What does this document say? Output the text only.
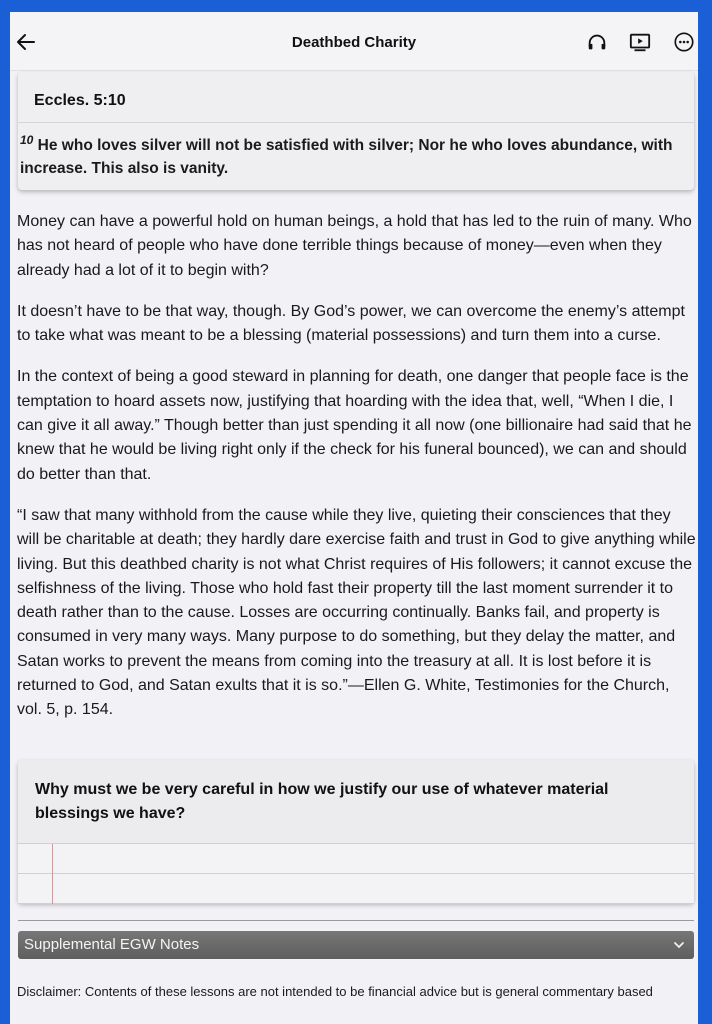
Deathbed Charity
Eccles. 5:10
$^{10}$ He who loves silver will not be satisfied with silver; Nor he who loves abundance, with increase. This also is vanity.

Money can have a powerful hold on human beings, a hold that has led to the ruin of many. Who has not heard of people who have done terrible things because of money—even when they already had a lot of it to begin with?

It doesn’t have to be that way, though. By God’s power, we can overcome the enemy’s attempt to take what was meant to be a blessing (material possessions) and turn them into a curse.

In the context of being a good steward in planning for death, one danger that people face is the temptation to hoard assets now, justifying that hoarding with the idea that, well, “When I die, I can give it all away.” Though better than just spending it all now (one billionaire had said that he knew that he would be living right only if the check for his funeral bounced), we can and should do better than that.

“I saw that many withhold from the cause while they live, quieting their consciences that they will be charitable at death; they hardly dare exercise faith and trust in God to give anything while living. But this deathbed charity is not what Christ requires of His followers; it cannot excuse the selfishness of the living. Those who hold fast their property till the last moment surrender it to death rather than to the cause. Losses are occurring continually. Banks fail, and property is consumed in very many ways. Many purpose to do something, but they delay the matter, and Satan works to prevent the means from coming into the treasury at all. It is lost before it is returned to God, and Satan exults that it is so.”—Ellen G. White, Testimonies for the Church, vol. 5, p. 154.

Why must we be very careful in how we justify our use of whatever material blessings we have?
Supplemental EGW Notes
Disclaimer: Contents of these lessons are not intended to be financial advice but is general commentary based
